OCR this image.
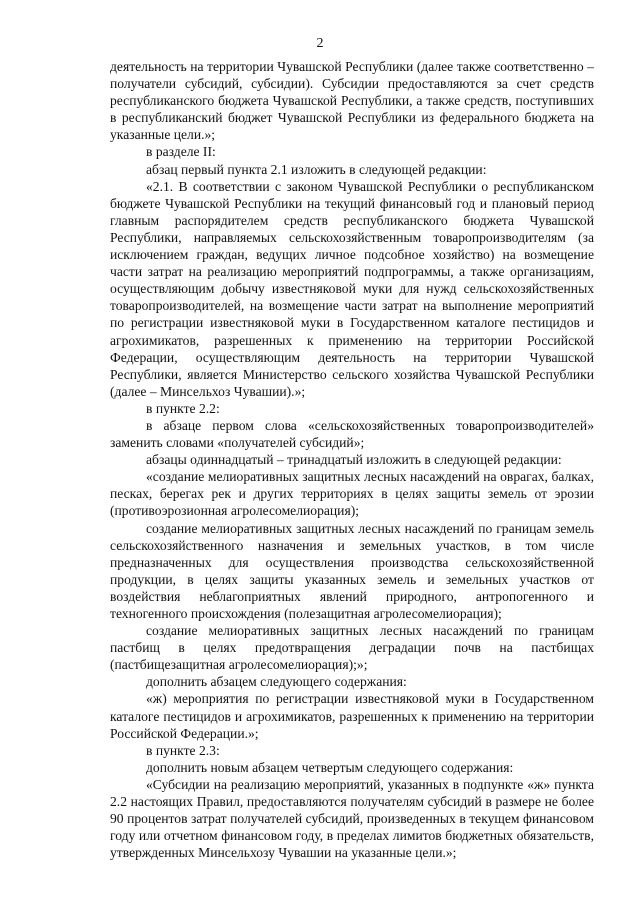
2

деятельность на территории Чувашской Республики (далее также соответственно – получатели субсидий, субсидии). Субсидии предоставляются за счет средств республиканского бюджета Чувашской Республики, а также средств, поступивших в республиканский бюджет Чувашской Республики из федерального бюджета на указанные цели.»;

в разделе II:

абзац первый пункта 2.1 изложить в следующей редакции:

«2.1. В соответствии с законом Чувашской Республики о республиканском бюджете Чувашской Республики на текущий финансовый год и плановый период главным распорядителем средств республиканского бюджета Чувашской Республики, направляемых сельскохозяйственным товаропроизводителям (за исключением граждан, ведущих личное подсобное хозяйство) на возмещение части затрат на реализацию мероприятий подпрограммы, а также организациям, осуществляющим добычу известняковой муки для нужд сельскохозяйственных товаропроизводителей, на возмещение части затрат на выполнение мероприятий по регистрации известняковой муки в Государственном каталоге пестицидов и агрохимикатов, разрешенных к применению на территории Российской Федерации, осуществляющим деятельность на территории Чувашской Республики, является Министерство сельского хозяйства Чувашской Республики (далее – Минсельхоз Чувашии).»;

в пункте 2.2:

в абзаце первом слова «сельскохозяйственных товаропроизводителей» заменить словами «получателей субсидий»;

абзацы одиннадцатый – тринадцатый изложить в следующей редакции:

«создание мелиоративных защитных лесных насаждений на оврагах, балках, песках, берегах рек и других территориях в целях защиты земель от эрозии (противоэрозионная агролесомелиорация);

создание мелиоративных защитных лесных насаждений по границам земель сельскохозяйственного назначения и земельных участков, в том числе предназначенных для осуществления производства сельскохозяйственной продукции, в целях защиты указанных земель и земельных участков от воздействия неблагоприятных явлений природного, антропогенного и техногенного происхождения (полезащитная агролесомелиорация);

создание мелиоративных защитных лесных насаждений по границам пастбищ в целях предотвращения деградации почв на пастбищах (пастбищезащитная агролесомелиорация);»;

дополнить абзацем следующего содержания:

«ж) мероприятия по регистрации известняковой муки в Государственном каталоге пестицидов и агрохимикатов, разрешенных к применению на территории Российской Федерации.»;

в пункте 2.3:

дополнить новым абзацем четвертым следующего содержания:

«Субсидии на реализацию мероприятий, указанных в подпункте «ж» пункта 2.2 настоящих Правил, предоставляются получателям субсидий в размере не более 90 процентов затрат получателей субсидий, произведенных в текущем финансовом году или отчетном финансовом году, в пределах лимитов бюджетных обязательств, утвержденных Минсельхозу Чувашии на указанные цели.»;
